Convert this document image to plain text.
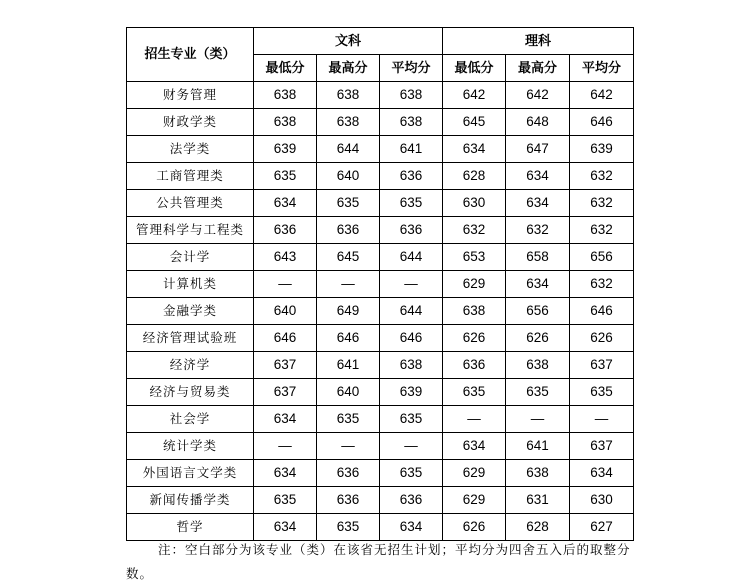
招生专业（类）	文科			理科		
	最低分	最高分	平均分	最低分	最高分	平均分
财务管理	638	638	638	642	642	642
财政学类	638	638	638	645	648	646
法学类	639	644	641	634	647	639
工商管理类	635	640	636	628	634	632
公共管理类	634	635	635	630	634	632
管理科学与工程类	636	636	636	632	632	632
会计学	643	645	644	653	658	656
计算机类	—	—	—	629	634	632
金融学类	640	649	644	638	656	646
经济管理试验班	646	646	646	626	626	626
经济学	637	641	638	636	638	637
经济与贸易类	637	640	639	635	635	635
社会学	634	635	635	—	—	—
统计学类	—	—	—	634	641	637
外国语言文学类	634	636	635	629	638	634
新闻传播学类	635	636	636	629	631	630
哲学	634	635	634	626	628	627
注：空白部分为该专业（类）在该省无招生计划；平均分为四舍五入后的取整分数。
